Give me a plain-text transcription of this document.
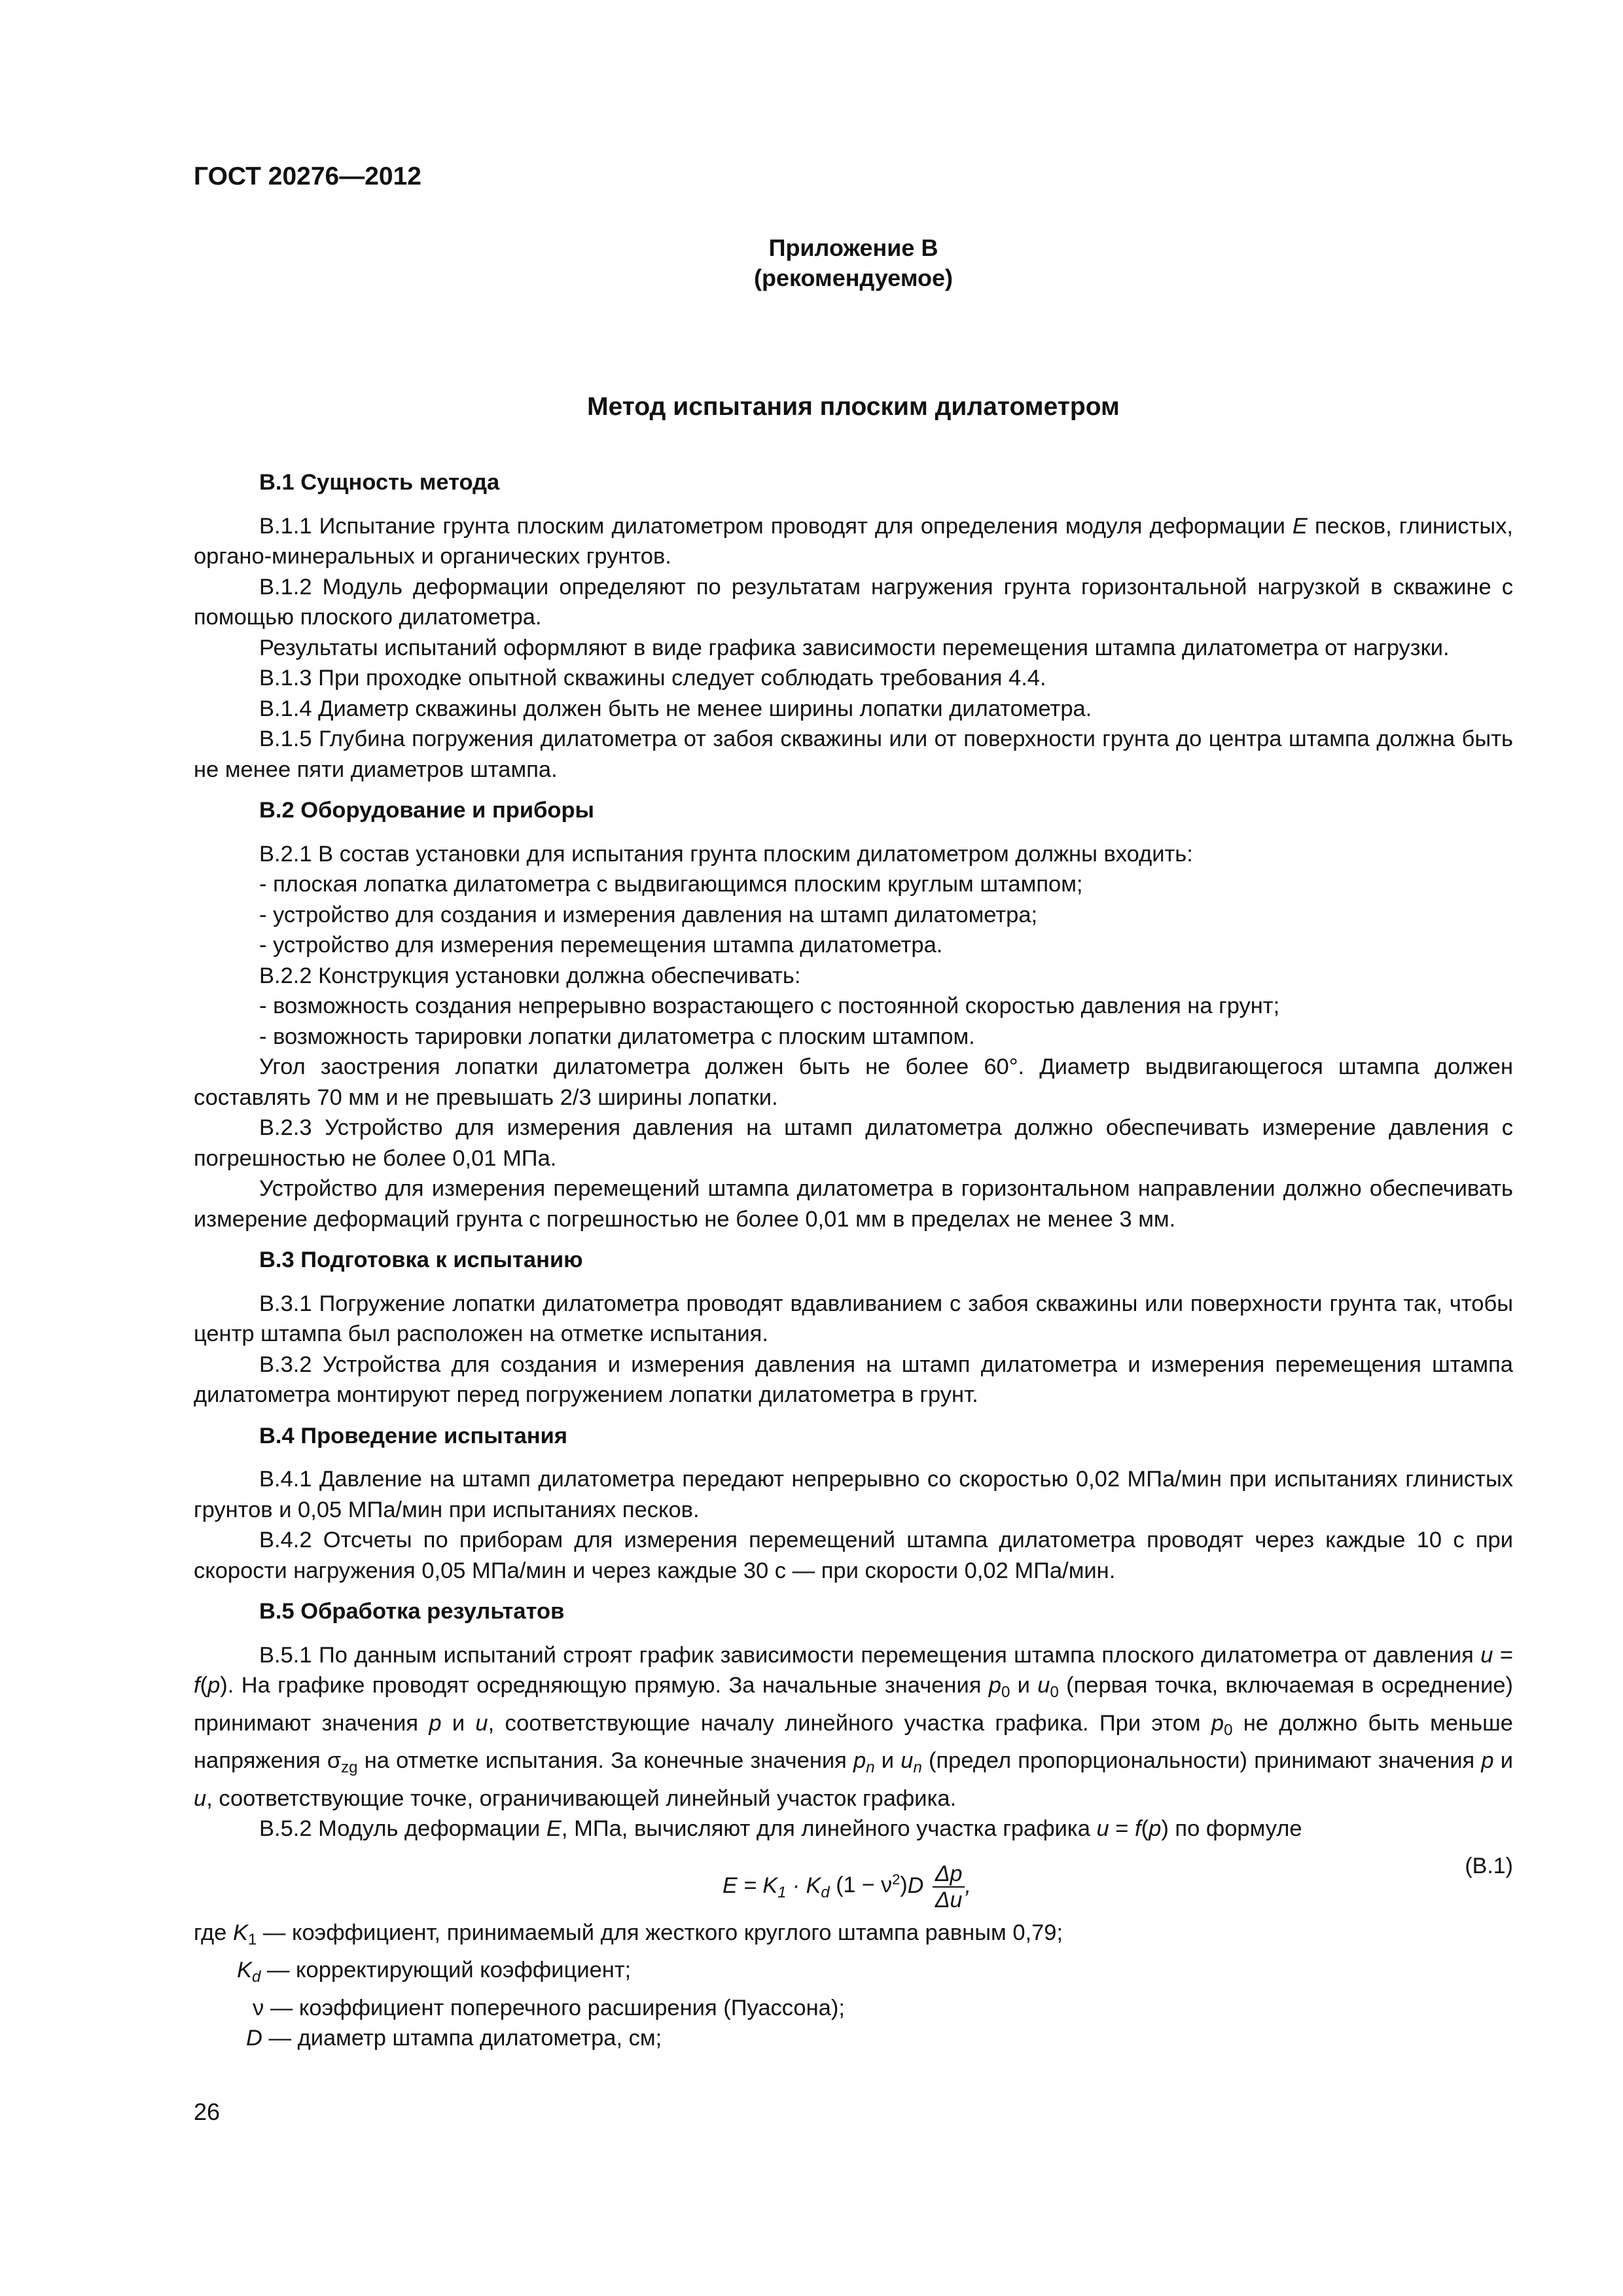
ГОСТ 20276—2012
Приложение В
(рекомендуемое)
Метод испытания плоским дилатометром
В.1 Сущность метода

В.1.1 Испытание грунта плоским дилатометром проводят для определения модуля деформации E песков, глинистых, органо-минеральных и органических грунтов.

В.1.2 Модуль деформации определяют по результатам нагружения грунта горизонтальной нагрузкой в скважине с помощью плоского дилатометра.

Результаты испытаний оформляют в виде графика зависимости перемещения штампа дилатометра от нагрузки.

В.1.3 При проходке опытной скважины следует соблюдать требования 4.4.

В.1.4 Диаметр скважины должен быть не менее ширины лопатки дилатометра.

В.1.5 Глубина погружения дилатометра от забоя скважины или от поверхности грунта до центра штампа должна быть не менее пяти диаметров штампа.

В.2 Оборудование и приборы

В.2.1 В состав установки для испытания грунта плоским дилатометром должны входить:

- плоская лопатка дилатометра с выдвигающимся плоским круглым штампом;

- устройство для создания и измерения давления на штамп дилатометра;

- устройство для измерения перемещения штампа дилатометра.

В.2.2 Конструкция установки должна обеспечивать:

- возможность создания непрерывно возрастающего с постоянной скоростью давления на грунт;

- возможность тарировки лопатки дилатометра с плоским штампом.

Угол заострения лопатки дилатометра должен быть не более 60°. Диаметр выдвигающегося штампа должен составлять 70 мм и не превышать 2/3 ширины лопатки.

В.2.3 Устройство для измерения давления на штамп дилатометра должно обеспечивать измерение давления с погрешностью не более 0,01 МПа.

Устройство для измерения перемещений штампа дилатометра в горизонтальном направлении должно обеспечивать измерение деформаций грунта с погрешностью не более 0,01 мм в пределах не менее 3 мм.

В.3 Подготовка к испытанию

В.3.1 Погружение лопатки дилатометра проводят вдавливанием с забоя скважины или поверхности грунта так, чтобы центр штампа был расположен на отметке испытания.

В.3.2 Устройства для создания и измерения давления на штамп дилатометра и измерения перемещения штампа дилатометра монтируют перед погружением лопатки дилатометра в грунт.

В.4 Проведение испытания

В.4.1 Давление на штамп дилатометра передают непрерывно со скоростью 0,02 МПа/мин при испытаниях глинистых грунтов и 0,05 МПа/мин при испытаниях песков.

В.4.2 Отсчеты по приборам для измерения перемещений штампа дилатометра проводят через каждые 10 с при скорости нагружения 0,05 МПа/мин и через каждые 30 с — при скорости 0,02 МПа/мин.

В.5 Обработка результатов

В.5.1 По данным испытаний строят график зависимости перемещения штампа плоского дилатометра от давления u = f(p). На графике проводят осредняющую прямую. За начальные значения $p_0$ и $u_0$ (первая точка, включаемая в осреднение) принимают значения p и u, соответствующие началу линейного участка графика. При этом $p_0$ не должно быть меньше напряжения $\sigma_{zg}$ на отметке испытания. За конечные значения $p_n$ и $u_n$ (предел пропорциональности) принимают значения p и u, соответствующие точке, ограничивающей линейный участок графика.

В.5.2 Модуль деформации E, МПа, вычисляют для линейного участка графика u = f(p) по формуле

$E = K_1 \cdot K_d$ $(1 - \nu^2)D \frac{\Delta p}{\Delta u}$ ,
(В.1)

где $K_1$ — коэффициент, принимаемый для жесткого круглого штампа равным 0,79;

$K_d$ — корректирующий коэффициент;

ν — коэффициент поперечного расширения (Пуассона);

D — диаметр штампа дилатометра, см;

26
